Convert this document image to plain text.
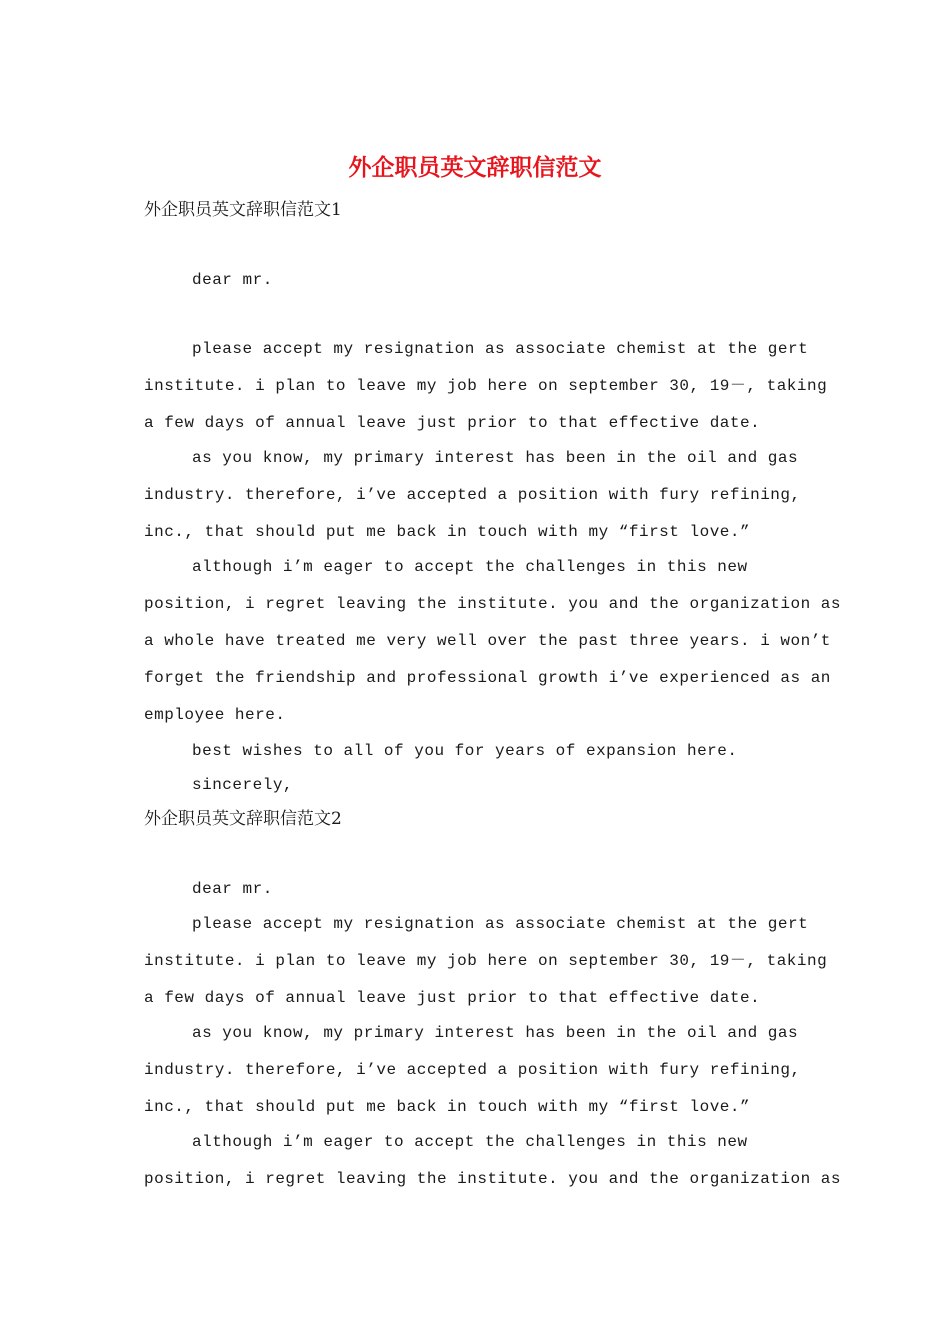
外企职员英文辞职信范文
外企职员英文辞职信范文1
dear mr.
please accept my resignation as associate chemist at the gert
institute. i plan to leave my job here on september 30, 19－, taking
a few days of annual leave just prior to that effective date.
as you know, my primary interest has been in the oil and gas
industry. therefore, i’ve accepted a position with fury refining,
inc., that should put me back in touch with my “first love.”
although i’m eager to accept the challenges in this new
position, i regret leaving the institute. you and the organization as
a whole have treated me very well over the past three years. i won’t
forget the friendship and professional growth i’ve experienced as an
employee here.
best wishes to all of you for years of expansion here.
sincerely,
外企职员英文辞职信范文2
dear mr.
please accept my resignation as associate chemist at the gert
institute. i plan to leave my job here on september 30, 19－, taking
a few days of annual leave just prior to that effective date.
as you know, my primary interest has been in the oil and gas
industry. therefore, i’ve accepted a position with fury refining,
inc., that should put me back in touch with my “first love.”
although i’m eager to accept the challenges in this new
position, i regret leaving the institute. you and the organization as
